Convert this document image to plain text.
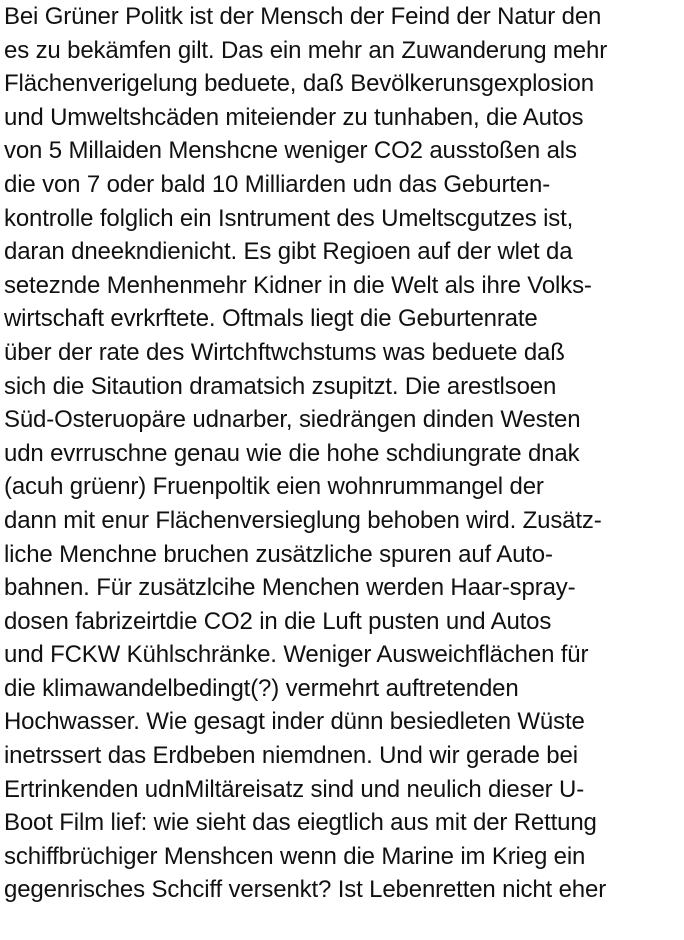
Bei Grüner Politk ist der Mensch der Feind der Natur den
es zu bekämfen gilt. Das ein mehr an Zuwanderung mehr
Flächenverigelung beduete, daß Bevölkerunsgexplosion
und Umweltshcäden miteiender zu tunhaben, die Autos
von 5 Millaiden Menshcne weniger CO2 ausstoßen als
die von 7 oder bald 10 Milliarden udn das Geburten-
kontrolle folglich ein Isntrument des Umeltscgutzes ist,
daran dneekndienicht. Es gibt Regioen auf der wlet da
seteznde Menhenmehr Kidner in die Welt als ihre Volks-
wirtschaft evrkrftete. Oftmals liegt die Geburtenrate
über der rate des Wirtchftwchstums was beduete daß
sich die Sitaution dramatsich zsupitzt. Die arestlsoen
Süd-Osteruopäre udnarber, siedrängen dinden Westen
udn evrruschne genau wie die hohe schdiungrate dnak
(acuh grüenr) Fruenpoltik eien wohnrummangel der
dann mit enur Flächenversieglung behoben wird. Zusätz-
liche Menchne bruchen zusätzliche spuren auf Auto-
bahnen. Für zusätzlcihe Menchen werden Haar-spray-
dosen fabrizeirtdie CO2 in die Luft pusten und Autos
und FCKW Kühlschränke. Weniger Ausweichflächen für
die klimawandelbedingt(?) vermehrt auftretenden
Hochwasser. Wie gesagt inder dünn besiedleten Wüste
inetrssert das Erdbeben niemdnen. Und wir gerade bei
Ertrinkenden udnMiltäreisatz sind und neulich dieser U-
Boot Film lief: wie sieht das eiegtlich aus mit der Rettung
schiffbrüchiger Menshcen wenn die Marine im Krieg ein
gegenrisches Schciff versenkt? Ist Lebenretten nicht eher
